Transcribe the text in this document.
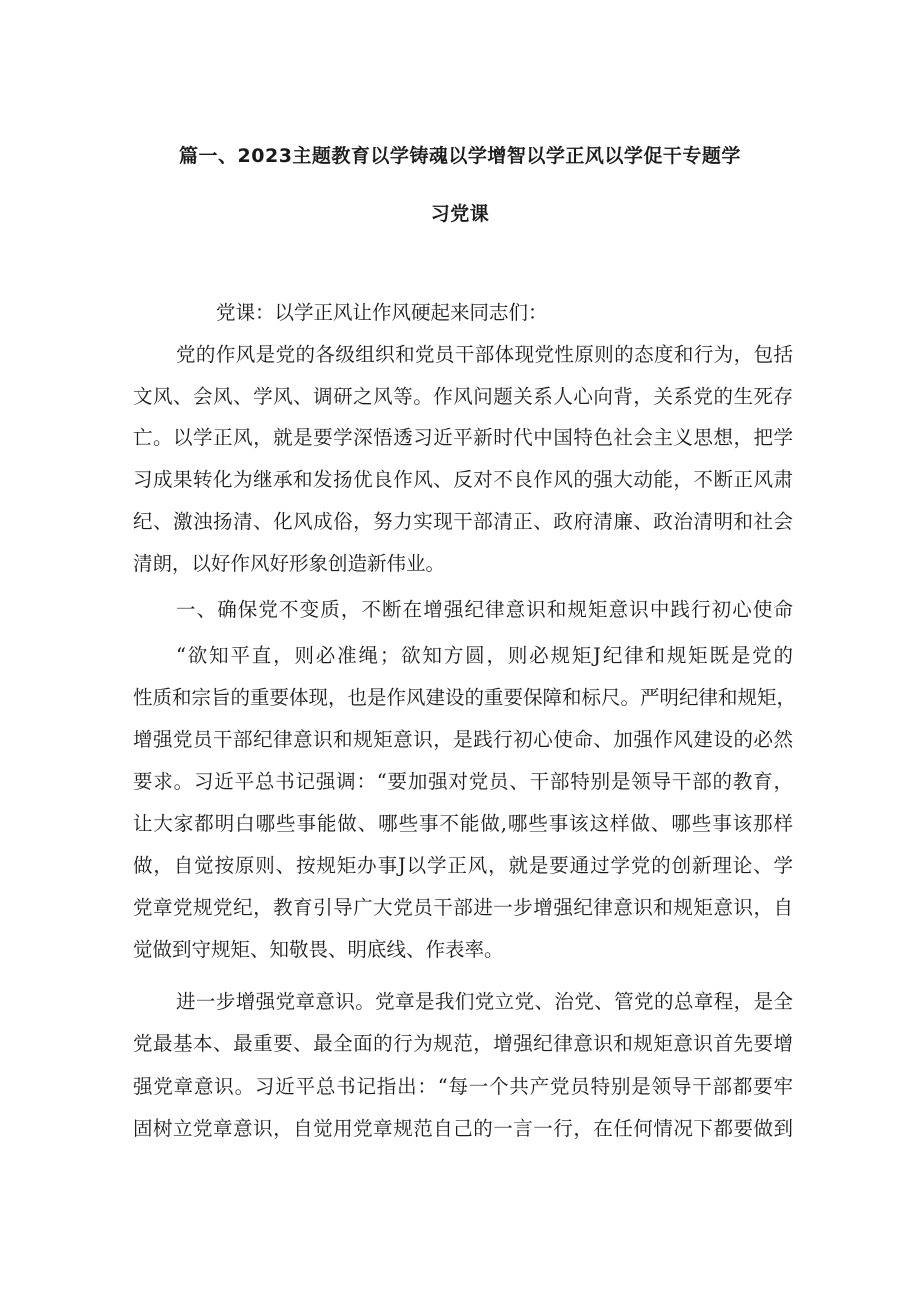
篇一、2023主题教育以学铸魂以学增智以学正风以学促干专题学
习党课
党课：以学正风让作风硬起来同志们：
党的作风是党的各级组织和党员干部体现党性原则的态度和行为，包括
文风、会风、学风、调研之风等。作风问题关系人心向背，关系党的生死存
亡。以学正风，就是要学深悟透习近平新时代中国特色社会主义思想，把学
习成果转化为继承和发扬优良作风、反对不良作风的强大动能，不断正风肃
纪、激浊扬清、化风成俗，努力实现干部清正、政府清廉、政治清明和社会
清朗，以好作风好形象创造新伟业。
一、确保党不变质，不断在增强纪律意识和规矩意识中践行初心使命
“欲知平直，则必准绳；欲知方圆，则必规矩J纪律和规矩既是党的
性质和宗旨的重要体现，也是作风建设的重要保障和标尺。严明纪律和规矩，
增强党员干部纪律意识和规矩意识，是践行初心使命、加强作风建设的必然
要求。习近平总书记强调：“要加强对党员、干部特别是领导干部的教育，
让大家都明白哪些事能做、哪些事不能做,哪些事该这样做、哪些事该那样
做，自觉按原则、按规矩办事J以学正风，就是要通过学党的创新理论、学
党章党规党纪，教育引导广大党员干部进一步增强纪律意识和规矩意识，自
觉做到守规矩、知敬畏、明底线、作表率。
进一步增强党章意识。党章是我们党立党、治党、管党的总章程，是全
党最基本、最重要、最全面的行为规范，增强纪律意识和规矩意识首先要增
强党章意识。习近平总书记指出：“每一个共产党员特别是领导干部都要牢
固树立党章意识，自觉用党章规范自己的一言一行，在任何情况下都要做到
